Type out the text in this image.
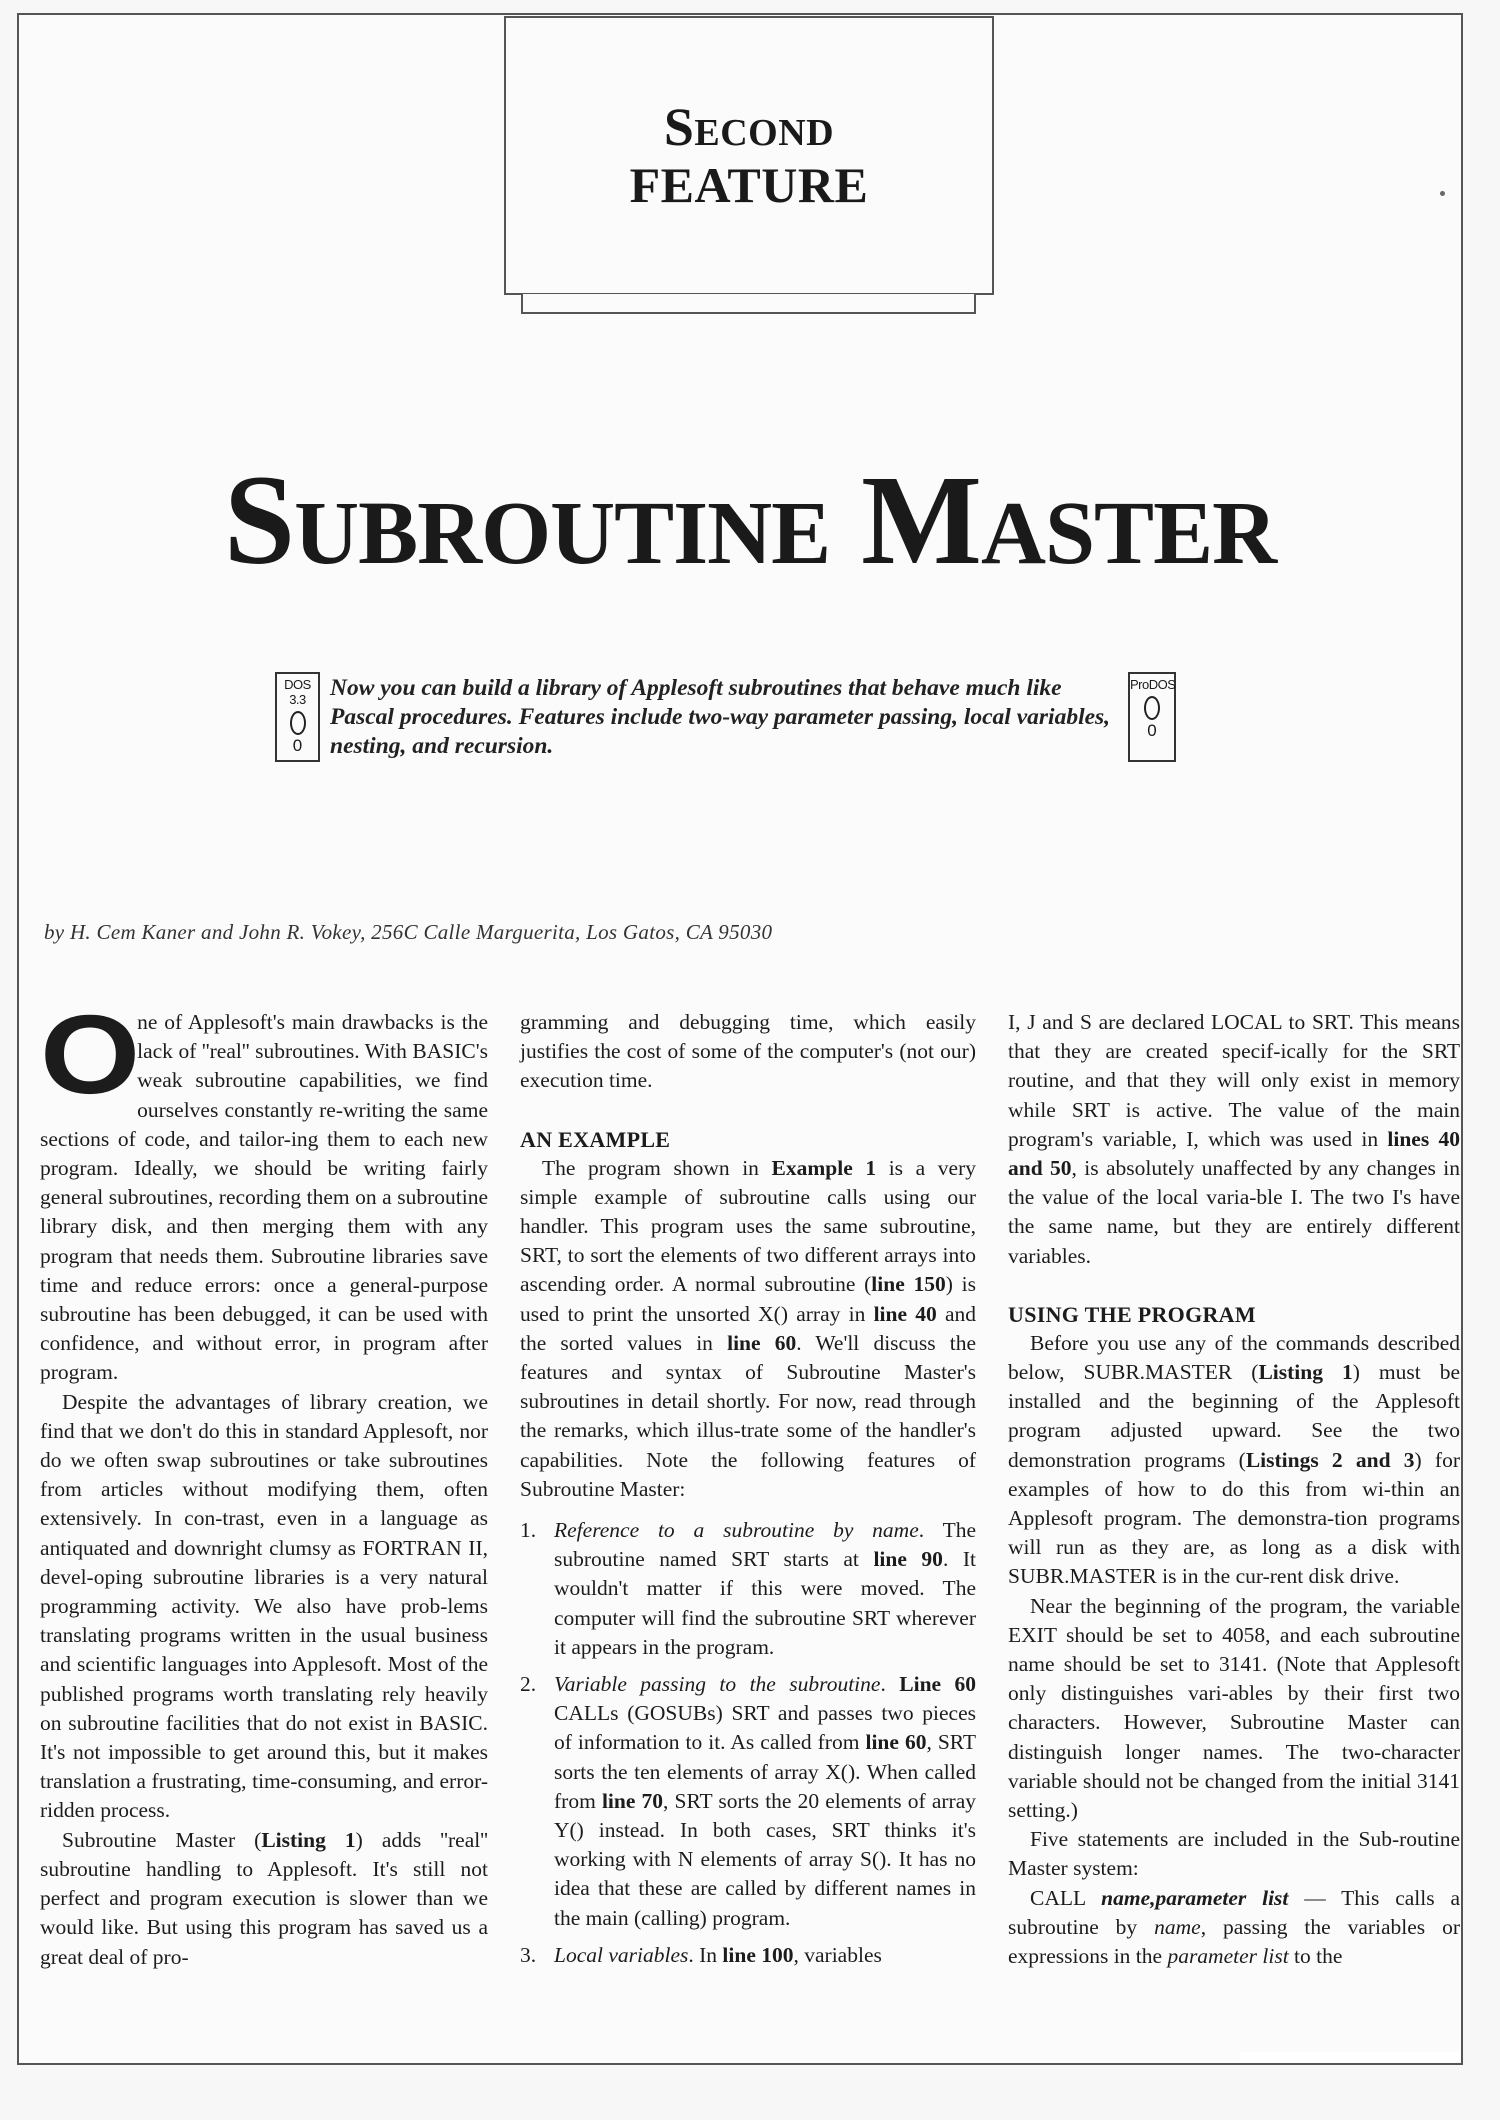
Second
FEATURE
Subroutine Master
DOS 3.3
0
Now you can build a library of Applesoft subroutines that behave much like Pascal procedures. Features include two-way parameter passing, local variables, nesting, and recursion.
ProDOS
0
by H. Cem Kaner and John R. Vokey, 256C Calle Marguerita, Los Gatos, CA 95030
O

ne of Applesoft's main drawbacks is the lack of ''real'' subroutines. With BASIC's weak subroutine capabilities, we find ourselves constantly re-writing the same sections of code, and tailor-ing them to each new program. Ideally, we should be writing fairly general subroutines, recording them on a subroutine library disk, and then merging them with any program that needs them. Subroutine libraries save time and reduce errors: once a general-purpose subroutine has been debugged, it can be used with confidence, and without error, in program after program.

Despite the advantages of library creation, we find that we don't do this in standard Applesoft, nor do we often swap subroutines or take subroutines from articles without modifying them, often extensively. In con-trast, even in a language as antiquated and downright clumsy as FORTRAN II, devel-oping subroutine libraries is a very natural programming activity. We also have prob-lems translating programs written in the usual business and scientific languages into Applesoft. Most of the published programs worth translating rely heavily on subroutine facilities that do not exist in BASIC. It's not impossible to get around this, but it makes translation a frustrating, time-consuming, and error-ridden process.

Subroutine Master (Listing 1) adds ''real'' subroutine handling to Applesoft. It's still not perfect and program execution is slower than we would like. But using this program has saved us a great deal of pro-

gramming and debugging time, which easily justifies the cost of some of the computer's (not our) execution time.

AN EXAMPLE

The program shown in Example 1 is a very simple example of subroutine calls using our handler. This program uses the same subroutine, SRT, to sort the elements of two different arrays into ascending order. A normal subroutine (line 150) is used to print the unsorted X() array in line 40 and the sorted values in line 60. We'll discuss the features and syntax of Subroutine Master's subroutines in detail shortly. For now, read through the remarks, which illus-trate some of the handler's capabilities. Note the following features of Subroutine Master:

1. Reference to a subroutine by name. The subroutine named SRT starts at line 90. It wouldn't matter if this were moved. The computer will find the subroutine SRT wherever it appears in the program.
2. Variable passing to the subroutine. Line 60 CALLs (GOSUBs) SRT and passes two pieces of information to it. As called from line 60, SRT sorts the ten elements of array X(). When called from line 70, SRT sorts the 20 elements of array Y() instead. In both cases, SRT thinks it's working with N elements of array S(). It has no idea that these are called by different names in the main (calling) program.
3. Local variables. In line 100, variables

I, J and S are declared LOCAL to SRT. This means that they are created specif-ically for the SRT routine, and that they will only exist in memory while SRT is active. The value of the main program's variable, I, which was used in lines 40 and 50, is absolutely unaffected by any changes in the value of the local varia-ble I. The two I's have the same name, but they are entirely different variables.

USING THE PROGRAM

Before you use any of the commands described below, SUBR.MASTER (Listing 1) must be installed and the beginning of the Applesoft program adjusted upward. See the two demonstration programs (Listings 2 and 3) for examples of how to do this from wi-thin an Applesoft program. The demonstra-tion programs will run as they are, as long as a disk with SUBR.MASTER is in the cur-rent disk drive.

Near the beginning of the program, the variable EXIT should be set to 4058, and each subroutine name should be set to 3141. (Note that Applesoft only distinguishes vari-ables by their first two characters. However, Subroutine Master can distinguish longer names. The two-character variable should not be changed from the initial 3141 setting.)

Five statements are included in the Sub-routine Master system:

CALL name,parameter list — This calls a subroutine by name, passing the variables or expressions in the parameter list to the
